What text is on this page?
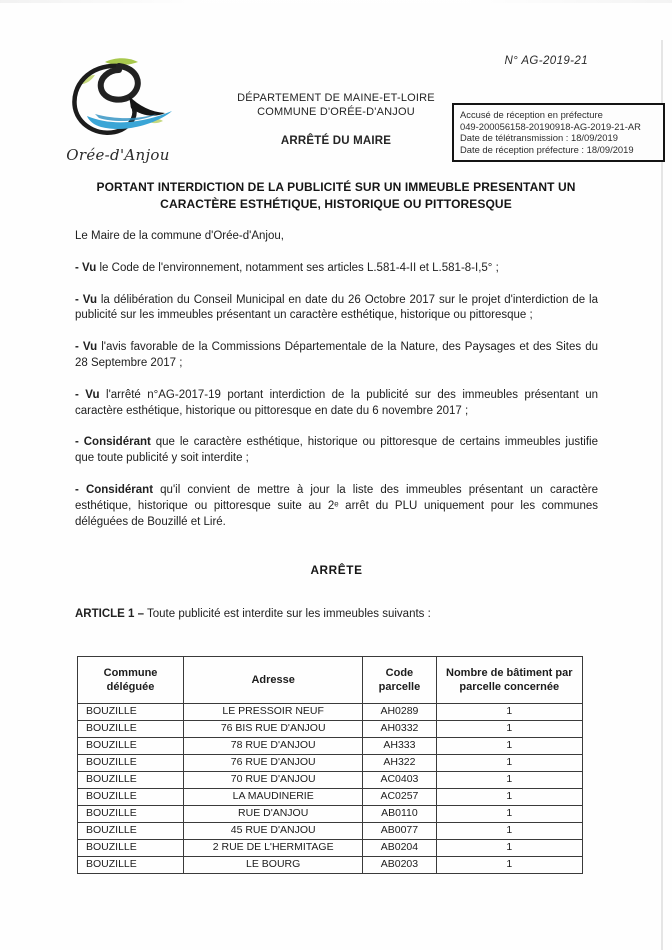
N° AG-2019-21
Orée-d'Anjou
DÉPARTEMENT DE MAINE-ET-LOIRE
COMMUNE D'ORÉE-D'ANJOU
ARRÊTÉ DU MAIRE
Accusé de réception en préfecture
049-200056158-20190918-AG-2019-21-AR
Date de télétransmission : 18/09/2019
Date de réception préfecture : 18/09/2019
PORTANT INTERDICTION DE LA PUBLICITÉ SUR UN IMMEUBLE PRESENTANT UN
CARACTÈRE ESTHÉTIQUE, HISTORIQUE OU PITTORESQUE

Le Maire de la commune d'Orée-d'Anjou,

- Vu le Code de l'environnement, notamment ses articles L.581-4-II et L.581-8-I,5° ;

- Vu la délibération du Conseil Municipal en date du 26 Octobre 2017 sur le projet d'interdiction de la publicité sur les immeubles présentant un caractère esthétique, historique ou pittoresque ;

- Vu l'avis favorable de la Commissions Départementale de la Nature, des Paysages et des Sites du 28 Septembre 2017 ;

- Vu l'arrêté n°AG-2017-19 portant interdiction de la publicité sur des immeubles présentant un caractère esthétique, historique ou pittoresque en date du 6 novembre 2017 ;

- Considérant que le caractère esthétique, historique ou pittoresque de certains immeubles justifie que toute publicité y soit interdite ;

- Considérant qu'il convient de mettre à jour la liste des immeubles présentant un caractère esthétique, historique ou pittoresque suite au 2ᵉ arrêt du PLU uniquement pour les communes déléguées de Bouzillé et Liré.

ARRÊTE

ARTICLE 1 – Toute publicité est interdite sur les immeubles suivants :

Commune déléguée	Adresse	Code parcelle	Nombre de bâtiment par parcelle concernée
BOUZILLE	LE PRESSOIR NEUF	AH0289	1
BOUZILLE	76 BIS RUE D'ANJOU	AH0332	1
BOUZILLE	78 RUE D'ANJOU	AH333	1
BOUZILLE	76 RUE D'ANJOU	AH322	1
BOUZILLE	70 RUE D'ANJOU	AC0403	1
BOUZILLE	LA MAUDINERIE	AC0257	1
BOUZILLE	RUE D'ANJOU	AB0110	1
BOUZILLE	45 RUE D'ANJOU	AB0077	1
BOUZILLE	2 RUE DE L'HERMITAGE	AB0204	1
BOUZILLE	LE BOURG	AB0203	1
